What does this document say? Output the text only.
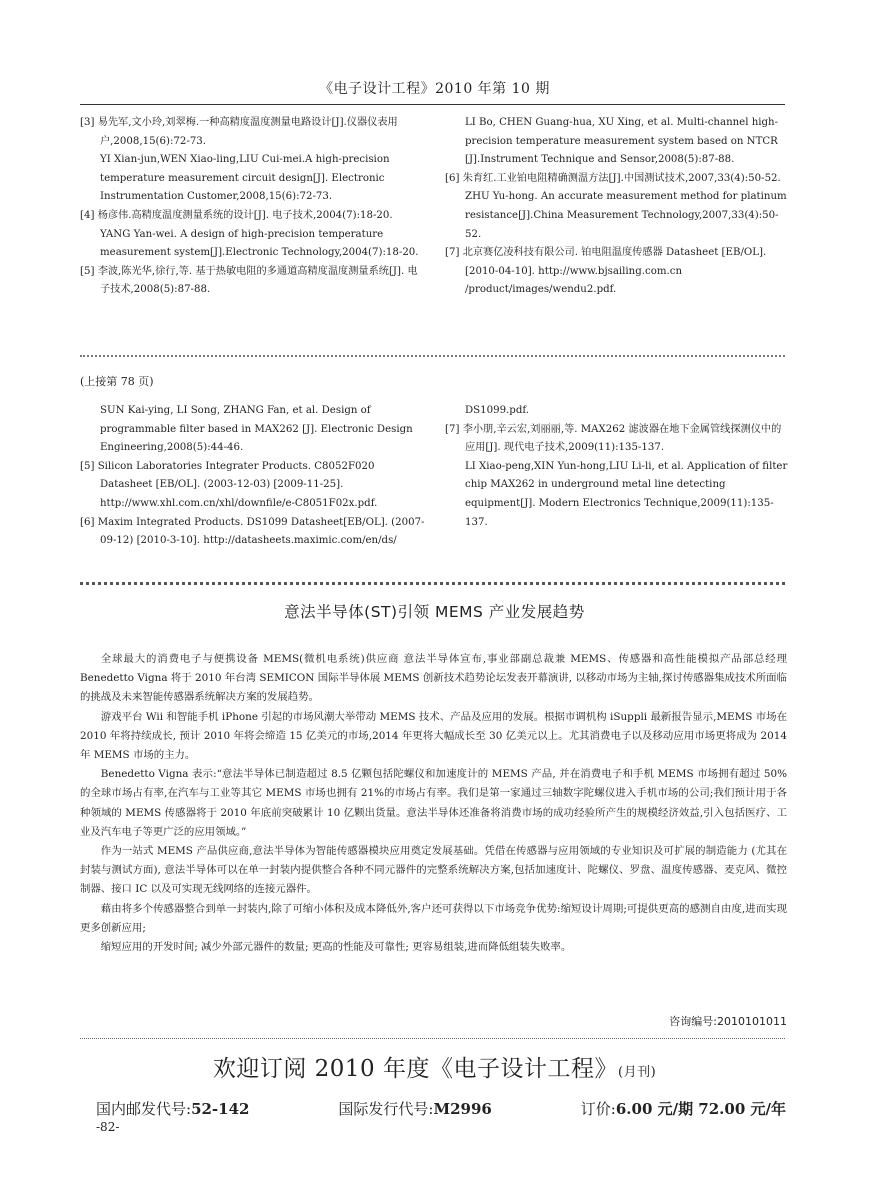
《电子设计工程》2010 年第 10 期

[3] 易先军,文小玲,刘翠梅.一种高精度温度测量电路设计[J].仪器仪表用户,2008,15(6):72-73.

YI Xian-jun,WEN Xiao-ling,LIU Cui-mei.A high-precision temperature measurement circuit design[J]. Electronic Instrumentation Customer,2008,15(6):72-73.

[4] 杨彦伟.高精度温度测量系统的设计[J]. 电子技术,2004(7):18-20.

YANG Yan-wei. A design of high-precision temperature measurement system[J].Electronic Technology,2004(7):18-20.

[5] 李波,陈光华,徐行,等. 基于热敏电阻的多通道高精度温度测量系统[J]. 电子技术,2008(5):87-88.

LI Bo, CHEN Guang-hua, XU Xing, et al. Multi-channel high-precision temperature measurement system based on NTCR [J].Instrument Technique and Sensor,2008(5):87-88.

[6] 朱育红.工业铂电阻精确测温方法[J].中国测试技术,2007,33(4):50-52.

ZHU Yu-hong. An accurate measurement method for platinum resistance[J].China Measurement Technology,2007,33(4):50-52.

[7] 北京赛亿凌科技有限公司. 铂电阻温度传感器 Datasheet [EB/OL].[2010-04-10]. http://www.bjsailing.com.cn /product/images/wendu2.pdf.

(上接第 78 页)

SUN Kai-ying, LI Song, ZHANG Fan, et al. Design of programmable filter based in MAX262 [J]. Electronic Design Engineering,2008(5):44-46.

[5] Silicon Laboratories Integrater Products. C8052F020 Datasheet [EB/OL]. (2003-12-03) [2009-11-25]. http://www.xhl.com.cn/xhl/downfile/e-C8051F02x.pdf.

[6] Maxim Integrated Products. DS1099 Datasheet[EB/OL]. (2007-09-12) [2010-3-10]. http://datasheets.maximic.com/en/ds/

DS1099.pdf.

[7] 李小朋,辛云宏,刘丽丽,等. MAX262 滤波器在地下金属管线探测仪中的应用[J]. 现代电子技术,2009(11):135-137.

LI Xiao-peng,XIN Yun-hong,LIU Li-li, et al. Application of filter chip MAX262 in underground metal line detecting equipment[J]. Modern Electronics Technique,2009(11):135-137.

意法半导体(ST)引领 MEMS 产业发展趋势

全球最大的消费电子与便携设备 MEMS(微机电系统)供应商 意法半导体宣布,事业部副总裁兼 MEMS、传感器和高性能模拟产品部总经理 Benedetto Vigna 将于 2010 年台湾 SEMICON 国际半导体展 MEMS 创新技术趋势论坛发表开幕演讲, 以移动市场为主轴,探讨传感器集成技术所面临的挑战及未来智能传感器系统解决方案的发展趋势。

游戏平台 Wii 和智能手机 iPhone 引起的市场风潮大举带动 MEMS 技术、产品及应用的发展。根据市调机构 iSuppli 最新报告显示,MEMS 市场在 2010 年将持续成长, 预计 2010 年将会缔造 15 亿美元的市场,2014 年更将大幅成长至 30 亿美元以上。尤其消费电子以及移动应用市场更将成为 2014 年 MEMS 市场的主力。

Benedetto Vigna 表示:“意法半导体已制造超过 8.5 亿颗包括陀螺仪和加速度计的 MEMS 产品, 并在消费电子和手机 MEMS 市场拥有超过 50%的全球市场占有率,在汽车与工业等其它 MEMS 市场也拥有 21%的市场占有率。我们是第一家通过三轴数字陀螺仪进入手机市场的公司;我们预计用于各种领域的 MEMS 传感器将于 2010 年底前突破累计 10 亿颗出货量。意法半导体还准备将消费市场的成功经验所产生的规模经济效益,引入包括医疗、工业及汽车电子等更广泛的应用领域。”

作为一站式 MEMS 产品供应商,意法半导体为智能传感器模块应用奠定发展基础。凭借在传感器与应用领域的专业知识及可扩展的制造能力 (尤其在封装与测试方面), 意法半导体可以在单一封装内提供整合各种不同元器件的完整系统解决方案,包括加速度计、陀螺仪、罗盘、温度传感器、麦克风、微控制器、接口 IC 以及可实现无线网络的连接元器件。

藉由将多个传感器整合到单一封装内,除了可缩小体积及成本降低外,客户还可获得以下市场竞争优势:缩短设计周期;可提供更高的感测自由度,进而实现更多创新应用;

缩短应用的开发时间; 减少外部元器件的数量; 更高的性能及可靠性; 更容易组装,进而降低组装失败率。

咨询编号:2010101011
欢迎订阅 2010 年度《电子设计工程》(月刊)
国内邮发代号:52-142	国际发行代号:M2996	订价:6.00 元/期 72.00 元/年
-82-
